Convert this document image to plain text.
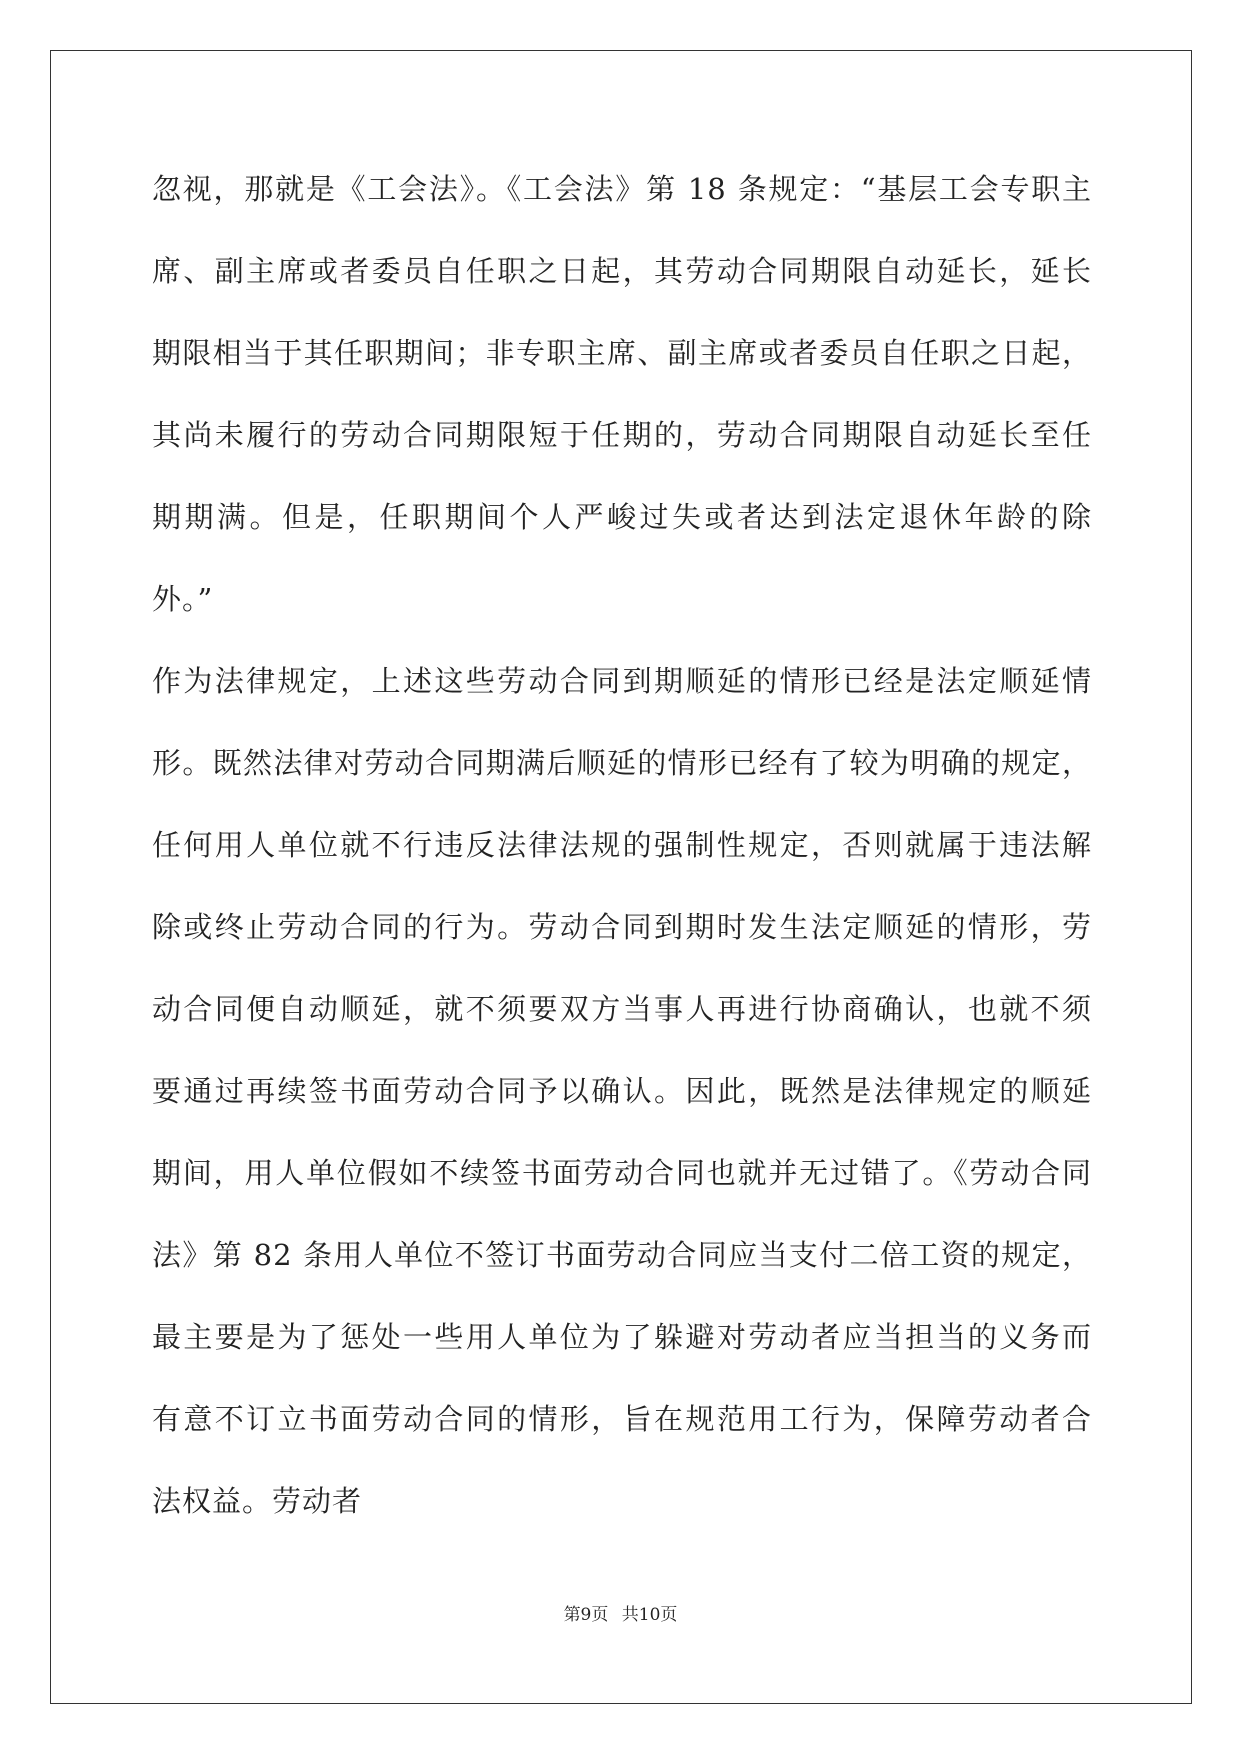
忽视，那就是《工会法》。《工会法》第 18 条规定：“基层工会专职主
席、副主席或者委员自任职之日起，其劳动合同期限自动延长，延长
期限相当于其任职期间；非专职主席、副主席或者委员自任职之日起，
其尚未履行的劳动合同期限短于任期的，劳动合同期限自动延长至任
期期满。但是，任职期间个人严峻过失或者达到法定退休年龄的除
外。”
作为法律规定，上述这些劳动合同到期顺延的情形已经是法定顺延情
形。既然法律对劳动合同期满后顺延的情形已经有了较为明确的规定，
任何用人单位就不行违反法律法规的强制性规定，否则就属于违法解
除或终止劳动合同的行为。劳动合同到期时发生法定顺延的情形，劳
动合同便自动顺延，就不须要双方当事人再进行协商确认，也就不须
要通过再续签书面劳动合同予以确认。因此，既然是法律规定的顺延
期间，用人单位假如不续签书面劳动合同也就并无过错了。《劳动合同
法》第 82 条用人单位不签订书面劳动合同应当支付二倍工资的规定，
最主要是为了惩处一些用人单位为了躲避对劳动者应当担当的义务而
有意不订立书面劳动合同的情形，旨在规范用工行为，保障劳动者合
法权益。劳动者
第9页 共10页
